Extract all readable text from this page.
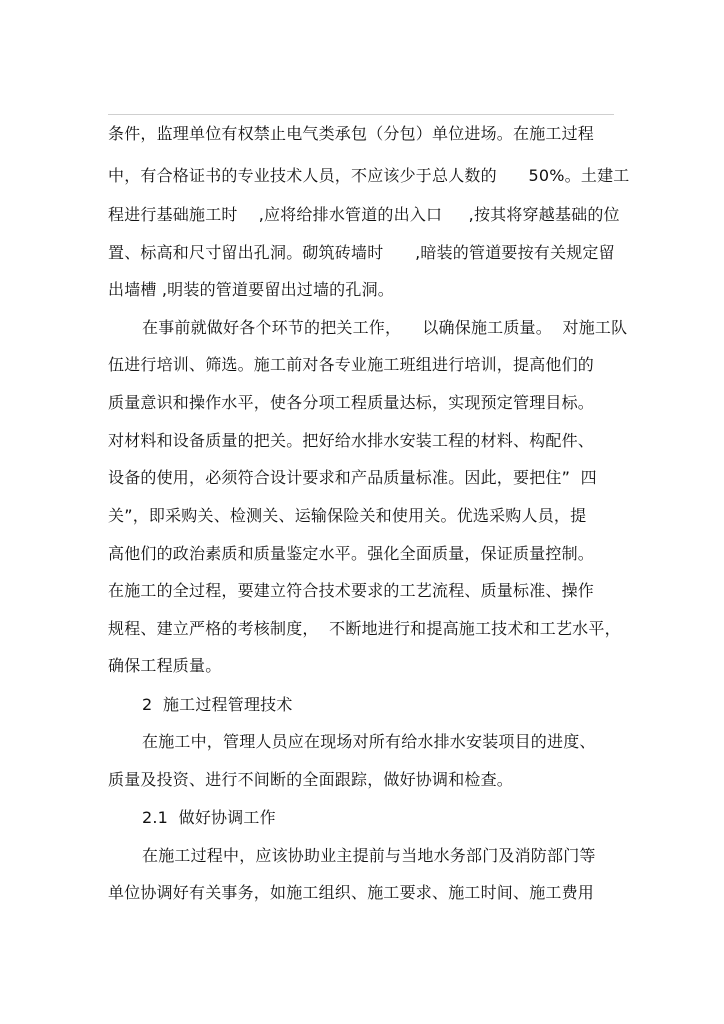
条件，监理单位有权禁止电气类承包（分包）单位进场。在施工过程
中，有合格证书的专业技术人员，不应该少于总人数的      50%。土建工
程进行基础施工时    ,应将给排水管道的出入口     ,按其将穿越基础的位
置、标高和尺寸留出孔洞。砌筑砖墙时      ,暗装的管道要按有关规定留
出墙槽 ,明装的管道要留出过墙的孔洞。
在事前就做好各个环节的把关工作，    以确保施工质量。  对施工队
伍进行培训、筛选。施工前对各专业施工班组进行培训，提高他们的
质量意识和操作水平，使各分项工程质量达标，实现预定管理目标。
对材料和设备质量的把关。把好给水排水安装工程的材料、构配件、
设备的使用，必须符合设计要求和产品质量标准。因此，要把住”  四
关”，即采购关、检测关、运输保险关和使用关。优选采购人员，提
高他们的政治素质和质量鉴定水平。强化全面质量，保证质量控制。
在施工的全过程，要建立符合技术要求的工艺流程、质量标准、操作
规程、建立严格的考核制度，  不断地进行和提高施工技术和工艺水平，
确保工程质量。
2  施工过程管理技术
在施工中，管理人员应在现场对所有给水排水安装项目的进度、
质量及投资、进行不间断的全面跟踪，做好协调和检查。
2.1  做好协调工作
在施工过程中，应该协助业主提前与当地水务部门及消防部门等
单位协调好有关事务，如施工组织、施工要求、施工时间、施工费用
